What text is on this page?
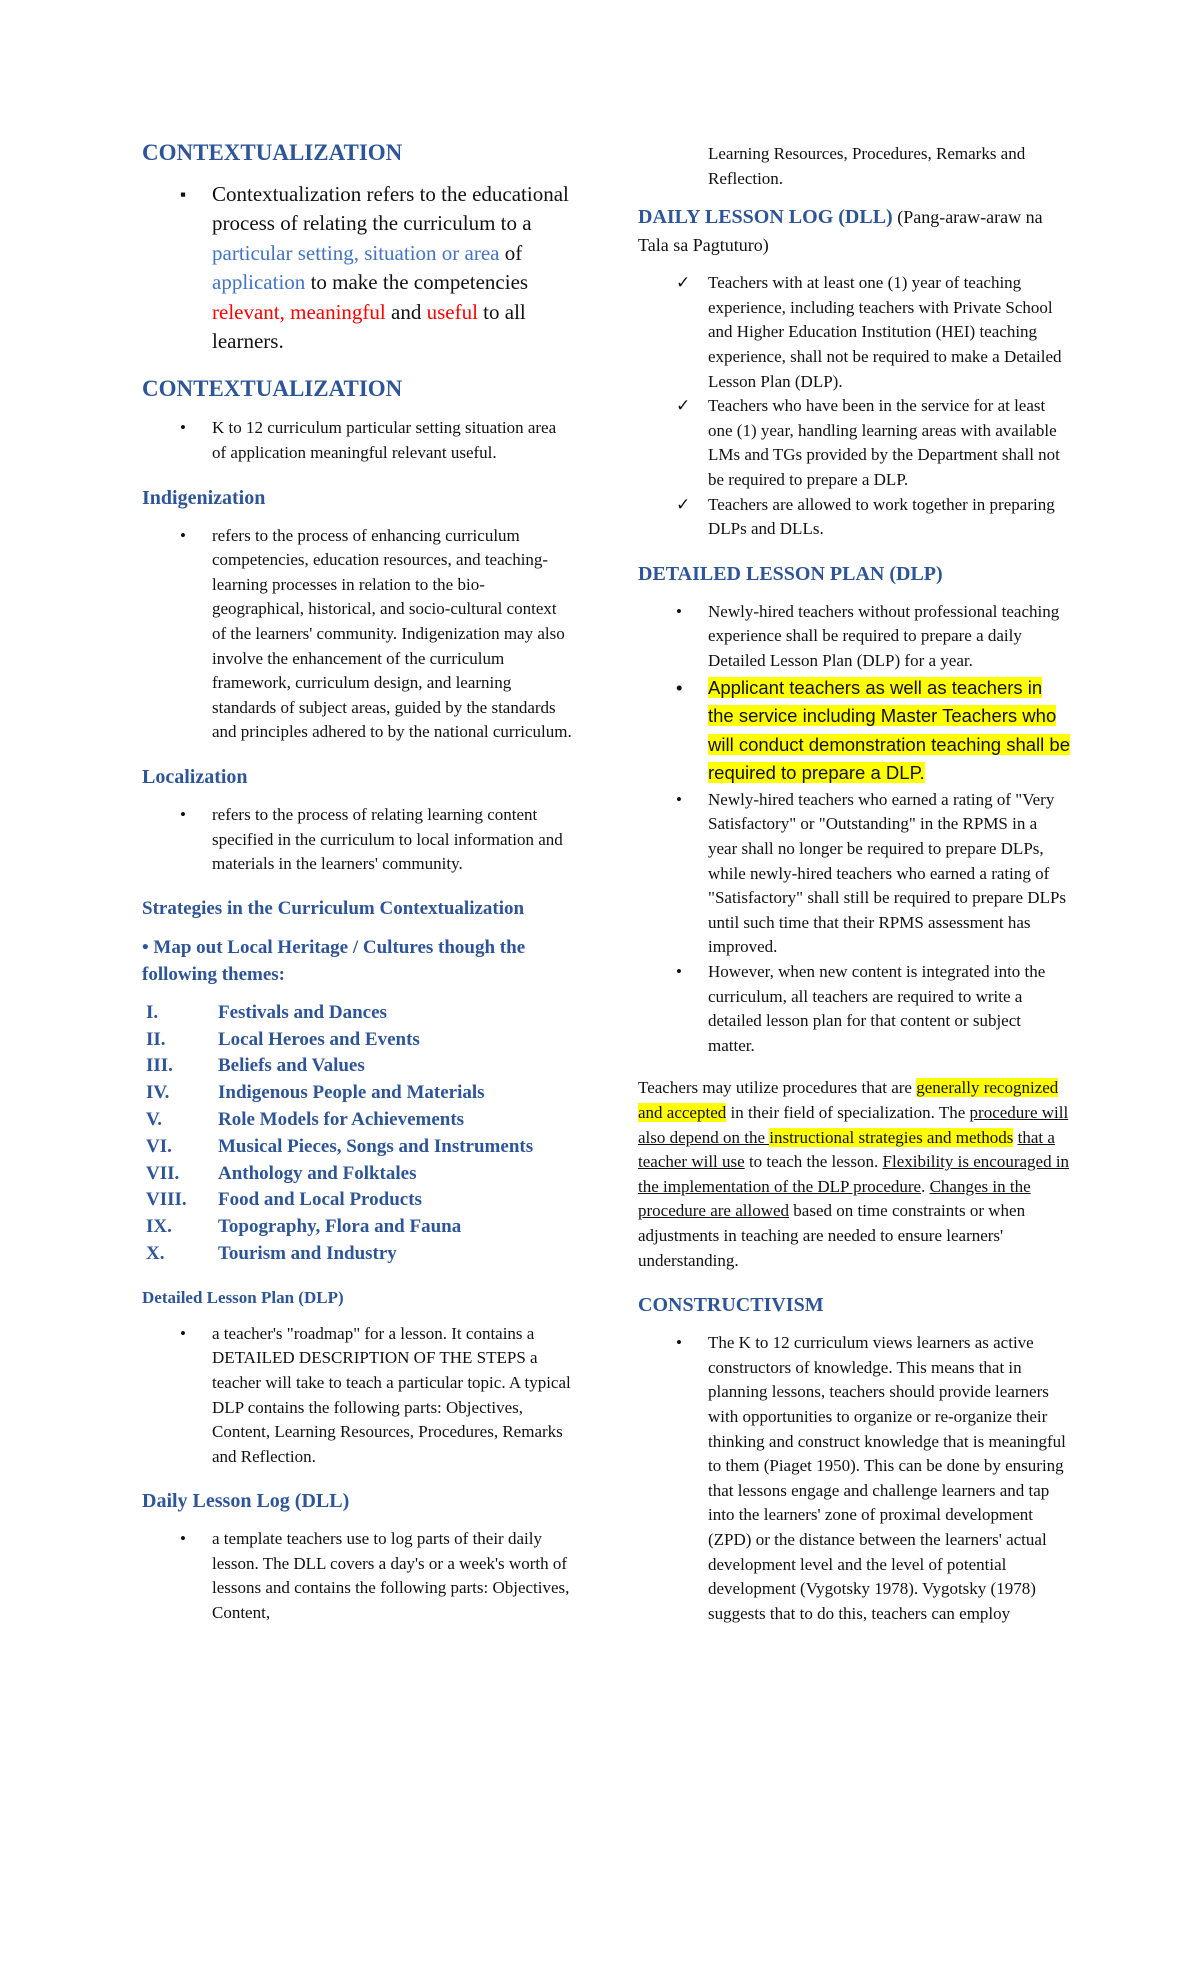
CONTEXTUALIZATION
▪	Contextualization refers to the educational process of relating the curriculum to a particular setting, situation or area of application to make the competencies relevant, meaningful and useful to all learners.
CONTEXTUALIZATION
•	K to 12 curriculum particular setting situation area of application meaningful relevant useful.
Indigenization
•	refers to the process of enhancing curriculum competencies, education resources, and teaching-learning processes in relation to the bio-geographical, historical, and socio-cultural context of the learners' community. Indigenization may also involve the enhancement of the curriculum framework, curriculum design, and learning standards of subject areas, guided by the standards and principles adhered to by the national curriculum.
Localization
•	refers to the process of relating learning content specified in the curriculum to local information and materials in the learners' community.
Strategies in the Curriculum Contextualization
• Map out Local Heritage / Cultures though the following themes:
I.	Festivals and Dances
II.	Local Heroes and Events
III. Beliefs and Values
IV.	Indigenous People and Materials
V.	Role Models for Achievements
VI. Musical Pieces, Songs and Instruments
VII. Anthology and Folktales
VIII. Food and Local Products
IX. Topography, Flora and Fauna
X.	Tourism and Industry
Detailed Lesson Plan (DLP)
•	a teacher's "roadmap" for a lesson. It contains a DETAILED DESCRIPTION OF THE STEPS a teacher will take to teach a particular topic. A typical DLP contains the following parts: Objectives, Content, Learning Resources, Procedures, Remarks and Reflection.
Daily Lesson Log (DLL)
•	a template teachers use to log parts of their daily lesson. The DLL covers a day's or a week's worth of lessons and contains the following parts: Objectives, Content,

Learning Resources, Procedures, Remarks and Reflection.

DAILY LESSON LOG (DLL) (Pang-araw-araw na Tala sa Pagtuturo)
✓	Teachers with at least one (1) year of teaching experience, including teachers with Private School and Higher Education Institution (HEI) teaching experience, shall not be required to make a Detailed Lesson Plan (DLP).
✓	Teachers who have been in the service for at least one (1) year, handling learning areas with available LMs and TGs provided by the Department shall not be required to prepare a DLP.
✓	Teachers are allowed to work together in preparing DLPs and DLLs.
DETAILED LESSON PLAN (DLP)
•	Newly-hired teachers without professional teaching experience shall be required to prepare a daily Detailed Lesson Plan (DLP) for a year.
•	Applicant teachers as well as teachers in the service including Master Teachers who will conduct demonstration teaching shall be required to prepare a DLP.
•	Newly-hired teachers who earned a rating of "Very Satisfactory" or "Outstanding" in the RPMS in a year shall no longer be required to prepare DLPs, while newly-hired teachers who earned a rating of "Satisfactory" shall still be required to prepare DLPs until such time that their RPMS assessment has improved.
•	However, when new content is integrated into the curriculum, all teachers are required to write a detailed lesson plan for that content or subject matter.

Teachers may utilize procedures that are generally recognized and accepted in their field of specialization. The procedure will also depend on the instructional strategies and methods that a teacher will use to teach the lesson. Flexibility is encouraged in the implementation of the DLP procedure. Changes in the procedure are allowed based on time constraints or when adjustments in teaching are needed to ensure learners' understanding.

CONSTRUCTIVISM
•	The K to 12 curriculum views learners as active constructors of knowledge. This means that in planning lessons, teachers should provide learners with opportunities to organize or re-organize their thinking and construct knowledge that is meaningful to them (Piaget 1950). This can be done by ensuring that lessons engage and challenge learners and tap into the learners' zone of proximal development (ZPD) or the distance between the learners' actual development level and the level of potential development (Vygotsky 1978). Vygotsky (1978) suggests that to do this, teachers can employ
